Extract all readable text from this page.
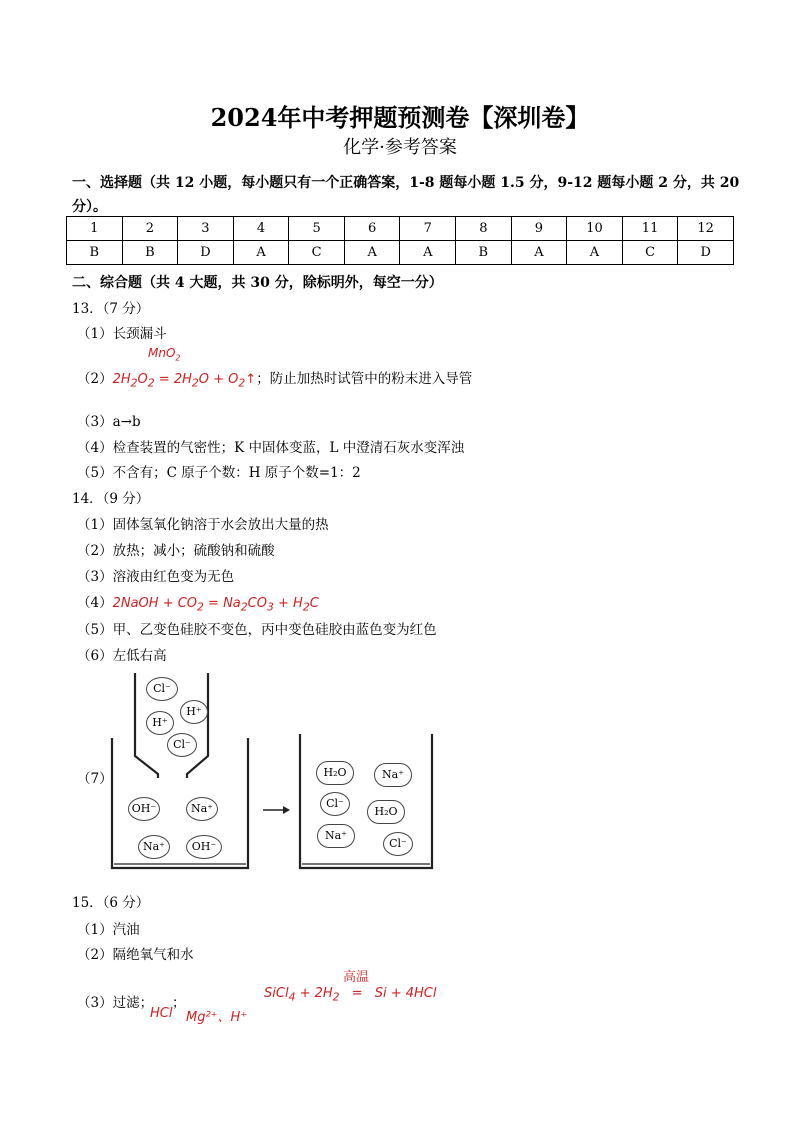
2024年中考押题预测卷【深圳卷】
化学·参考答案
一、选择题（共 12 小题，每小题只有一个正确答案，1-8 题每小题 1.5 分，9-12 题每小题 2 分，共 20
分）。
1	2	3	4	5	6	7	8	9	10	11	12
B	B	D	A	C	A	A	B	A	A	C	D
二、综合题（共 4 大题，共 30 分，除标明外，每空一分）
13．（7 分）
（1）长颈漏斗
MnO$_2$
$(2)2H_2O_2 = 2H_2O$ + $O_2↑$；防止加热时试管中的粉末进入导管
（3）a→b
（4）检查装置的气密性；K 中固体变蓝，L 中澄清石灰水变浑浊
（5）不含有；C 原子个数：H 原子个数=1：2
14．（9 分）
（1）固体氢氧化钠溶于水会放出大量的热
（2）放热；减小；硫酸钠和硫酸
（3）溶液由红色变为无色
（4）2NaOH + $CO_2 = Na_2CO_3 + H_2C$
（5）甲、乙变色硅胶不变色，丙中变色硅胶由蓝色变为红色
（6）左低右高
（7）
Cl⁻
H⁺
H⁺
Cl⁻
OH⁻	Na⁺
Na⁺	OH⁻
H₂O	Na⁺
Cl⁻
H₂O
Na⁺
Cl⁻
15．（6 分）
（1）汽油
（2）隔绝氧气和水
高温
（3）过滤； ；
SiCl$_4$ + $2H_2 = Si + 4HCl$
HCl Mg²⁺、H⁺
